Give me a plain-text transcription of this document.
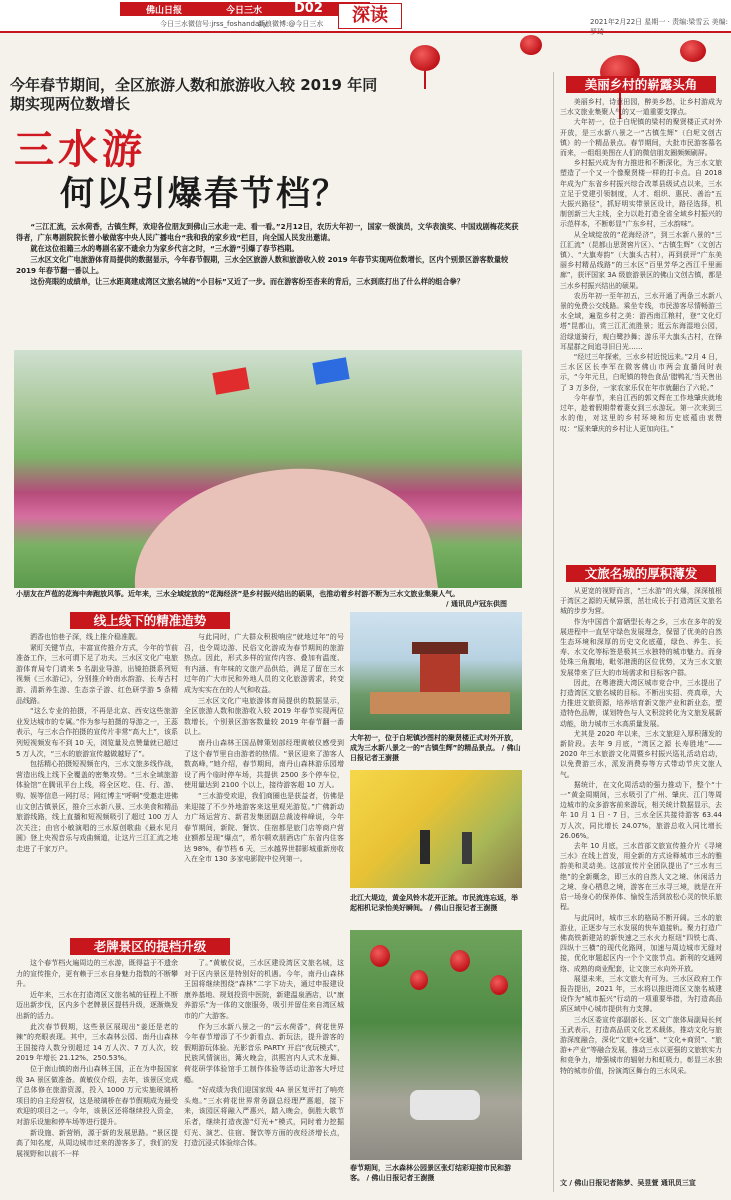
佛山日报	今日三水 D02
今日三水微信号:jrss_foshandaily
新浪微博:@今日三水	深读	2021年2月22日 星期一 · 责编:梁雪云 美编:
今年春节期间，全区旅游人数和旅游收入较 2019 年同期实现两位数增长
三水游
何以引爆春节档？

“三江汇流，云水荷香，古镇生辉，欢迎各位朋友到佛山三水走一走、看一看。”2月12日，农历大年初一，国家一级演员，文华表演奖、中国戏剧梅花奖获得者，广东粤剧院院长曾小敏做客中央人民广播电台“我和我的家乡戏”栏目，向全国人民发出邀请。

就在这位祖籍三水的粤剧名家不遗余力为家乡代言之时，“三水游”引爆了春节档期。

三水区文化广电旅游体育局提供的数据显示，今年春节假期，三水全区旅游人数和旅游收入较 2019 年春节实现两位数增长，区内个别景区游客数量较 2019 年春节翻一番以上。

这份亮眼的成绩单，让三水距离建成湾区文旅名城的“小目标”又近了一步。而在游客纷至沓来的背后，三水到底打出了什么样的组合拳？

小朋友在芦苞的花海中奔跑放风筝。近年来，三水全域绽放的“花海经济”是乡村振兴结出的硕果，也推动着乡村游不断为三水文旅业集聚人气。
/ 通讯员卢冠东供图
线上线下的精准造势

洒香也怕巷子深，线上推介稳准靓。

紧盯关键节点，丰富宣传推介方式，今年的节前准备工作，三水可谓下足了功夫。三水区文化广电旅游体育局专门请来 5 名副业导游，出镜拍摄系列短视频《三水游记》，分别推介岭南水韵游、长寿古村游、清新养生游、生态亲子游、红色研学游 5 条精品线路。

“这么专业的拍摄，不再是北京、西安这些旅游业发达城市的专属。”作为参与拍摄的导游之一，王蕊表示，与三水合作拍摄的宣传片非常“高大上”，该系列短视频发布不到 10 天，浏览量及点赞量就已超过 5 万人次，“三水的旅游宣传越做越好了”。

包括精心拍摄短视频在内，三水文旅多线作战，营造出线上线下全覆盖的密集攻势。“三水全域旅游体验馆”在腾讯平台上线，将全区吃、住、行、游、购、娱等信息一网打尽；网红博主“呼啊”受邀走进佛山文创古镇景区，推介三水新八景、三水美食和精品旅游线路，线上直播和短视频吸引了超过 100 万人次关注；由官小敏演唱的三水原创歌曲《最水见月圆》登上央视音乐与戏曲频道，让这片三江汇流之地走进了千家万户。

与此同时，广大群众积极响应“就地过年”的号召，也令周边游、民俗文化游成为春节期间的旅游热点。因此，形式多样的宣传内容、叠加有温度、有内涵、有年味的文旅产品供给，满足了留在三水过年的广大市民和外地人员的文化旅游需求，转变成为实实在在的人气和收益。

三水区文化广电旅游体育局提供的数据显示，全区旅游人数和旅游收入较 2019 年春节实现两位数增长，个别景区游客数量较 2019 年春节翻一番以上。

南丹山森林王国品牌策划部经理黄敏仪感受到了这个春节里自由游者的热情。“景区迎来了游客人数高峰，”她介绍，春节期间，南丹山森林游乐园增设了两个临时停车场，共提供 2500 多个停车位，使用量达到 2100 个以上，接待游客超 10 万人。

“三水游受欢迎，我们商圈也是获益者，仿佛是来迎接了不少外地游客来这里观光游览。”广佛新动力广场运营方、新君发集团副总裁凌梓峰说，今年春节期间，新院、餐饮、住宿都是旅门店等商户营业额都呈现“爆点”，希尔顿欢朋酒店广东省内住客达 98%，春节档 6 天，三水越界世群影城重新房收入在全市 130 多家电影院中位列第一。

大年初一，位于白坭镇沙图村的聚贤楼正式对外开放，成为三水新八景之一的“古镇生辉”的精品景点。 / 佛山日报记者王澍摄
北江大堤边，黄金风铃木花开正浓。市民流连忘返，举起相机记录怡美好瞬间。 / 佛山日报记者王澍摄
春节期间，三水森林公园景区张灯结彩迎接市民和游客。 / 佛山日报记者王澍摄
老牌景区的提档升级

这个春节档火遍周边的三水游，既得益于不遗余力的宣传推介，更有赖于三水自身魅力指数的不断攀升。

近年来，三水在打造湾区文旅名城的征程上不断迈出新步伐，区内多个老牌景区提档升级，逐渐焕发出新的活力。

此次春节假期，这些景区展现出“姜还是老的辣”的亮眼表现。其中，三水森林公园、南丹山森林王国接待人数分别超过 14 万人次、7 万人次，较 2019 年增长 21.12%、250.53%。

位于南山镇的南丹山森林王国，正在为申报国家级 3A 景区做准备。黄敏仪介绍，去年，该景区完成了总体修在旅游资源，投入 1000 万元实施玻璃桥项目的自主经营权，这是玻璃桥在春节假期成为最受欢迎的项目之一。今年，该景区还将继续投入资金，对游乐设施和停车场等进行提升。

新设施、新营销，源于新的发展思路。“景区提高了知名度，从周边城市过来的游客多了，我们的发展视野和以前不一样

了。”黄敏仪说，三水区建设湾区文旅名城，这对于区内景区是特别好的机遇。今年，南丹山森林王国将继续围绕“森林”二字下功夫，通过申报建设康养基地、规划投资中医院，新建温泉酒店，以“康养游乐”为一体的文旅服务，吸引并留住来自湾区城市的广大游客。

作为三水新八景之一的“云水荷香”，荷花世界今年春节增添了不少新看点、新玩法，提升游客的假期游玩体验。光影音乐 PARTY 开启“夜玩模式”，民族风情演出，篝火晚会，洪熙宫内人式木龙舞、荷花研学体验馆手工制作体验等活动让游客大呼过瘾。

“好成绩为我们迎国家级 4A 景区复评打了响亮头炮。”三水荷花世界常务副总经理严惠超，接下来，该园区将融入严惠兴，踏入晚会，倒胜大歌节乐者，继续打造夜游“灯光+”模式，同时着力挖掘灯光、演艺、住宿、餐饮等方面的夜经济增长点，打造沉浸式体验综合体。

美丽乡村的崭露头角

美丽乡村，诗意田园，醉美乡愁，让乡村游成为三水文旅业集聚人气的又一道重要支撑点。

大年初一，位于白坭镇的梁村的聚贤楼正式对外开放，是三水新八景之一“古镇生辉”（白坭文创古镇）的一个精品景点。春节期间，大批市民游客慕名而来，一组组美图在人们的微信朋友圈频频刷屏。

乡村振兴成为有力推进和不断深化，为三水文旅塑造了一个又一个像聚贤楼一样的打卡点。自 2018 年成为广东省乡村振兴综合改革县级试点以来，三水立足于党建引领制度，人才、组织、惠民、善治“五大振兴路径”，抓好明实带景区设计，路径选择，机制创新三大主线，全力以赴打造全省全域乡村振兴的示范样本，不断彰显“广东乡村，三水韵味”。

从全域绽放的“花海经济”，到三水新八景的“三江汇流”（昆都山思贤窖片区）、“古镇生辉”（文创古镇）、“大旗寿韵”（大旗头古村），再到获评“广东美丽乡村精品线路”的三水区“百里芳华之西江千里画廊”，获评国家 3A 级旅游景区的佛山文创古镇，都是三水乡村振兴结出的硕果。

农历年初一至年初五，三水开通了两条三水新八景的免费公交线路。乘坐专线，市民游客尽情畅游三水全域，遍览乡村之美：游西南江粮村，登“文化灯塔”昆都山，赏三江汇流胜景；逛云东海湿地公园，沿绿道骑行，观白鹭抄舞；游乐平大旗头古村，在锋耳屋群之间追寻旧日光……

“经过三年探索，三水乡村近悦远来。”2月 4 日，三水区区长李军在微客佛山市两会直播间时表示，“今年元旦，白坭镇的特色食品‘腊鸭礼’当天售出了 3 万多份，一家农家乐仅在年市就翻台了六轮。”

今年春节，来自江西的郭文辉在工作地肇庆就地过年，趁着假期带着妻女到三水游玩。第一次来到三水的他，对这里的乡村环境和历史底蕴由衷赞叹：“原来肇庆的乡村让人更加向往。”

文旅名城的厚积薄发

从更宽的视野而言，“三水游”的火爆，深深植根于湾区之源的天赋异禀，茁壮成长于打造湾区文旅名城的步步为营。

作为中国首个富硒型长寿之乡，三水在多年的发展进程中一直坚守绿色发展理念，保留了优美的自然生态环境和深厚的历史文化底蕴，绿色、养生、长寿、水文化等标签是极其三水独特的城市魅力。而身处珠三角腹地，毗邻港澳的区位优势，又为三水文旅发展带来了巨大的市场需求和目标客户群。

因此，在粤港澳大湾区城市竞合中，三水提出了打造湾区文旅名城的目标。不断出实招、亮真章，大力推进文旅资源，培养培育新文旅产业和新业态，塑造特色品牌，谋划特色与人文积淀转化为文旅发展新动能，助力城市三水高质量发展。

尤其是 2020 年以来，三水文旅迎入厚积薄发的新阶段。去年 9 月底，“湾区之源 长寿胜地”——2020 年三水旅游文化周暨乡村振兴巡礼活动启动，以免费游三水，派发消费券等方式带动节庆文旅人气。

据统计，在文化周活动的强力推动下，整个“十一”黄金周期间，三水吸引了广州、肇庆、江门等周边城市的众多游客前来游玩，相关统计数据显示，去年 10 月 1 日 - 7 日，三水全区共接待游客 63.44 万人次，同比增长 24.07%，旅游总收入同比增长 26.06%。

去年 10 月底，三水首部文旅宣传推介片《寻境三水》在线上首发，用全新的方式诠释城市三水的雅韵美和灵动美。这部宣传片全团队提出了“三水有三绝”的全新概念，即三水的自然人文之境、休闲活力之境、身心栖息之境，游客在三水寻三境，就是在开启一场身心的保养体、愉悦生活到放松心灵的快乐旅程。

与此同时，城市三水的格局不断开阔。三水的旅游业，正逐步与三水发展的快车道接轨。聚力打造广佛高铁新建站的新快速之三水火力枢纽“四铁七高、四纵十三横”的现代化路网，加速与周边城市无缝对接，优化审题起区内一个个文旅节点。新利的交通网络、成熟的商业配套，让文旅三水向外开放。

展望未来，三水文旅大有可为。三水区政府工作报告提出，2021 年，三水将以推进湾区文旅名城建设作为“城市振兴”行动的一项重要举措，为打造高品质区域中心城市提供有力支撑。

三水区委宣传部副部长、区文广旅体局副局长何玉武表示，打造高品质文化艺术载体，推动文化与旅游深度融合，深化“文旅+交通”、“文化+商贸”、“旅游+产业”等融合发展，推动三水以更强的文旅软实力和竞争力，增强城市的辐射力和虹吸力，彰显三水独特的城市价值，扮演湾区舞台的三水风采。

文 / 佛山日报记者陈梦、吴昱萱 通讯员三宣
